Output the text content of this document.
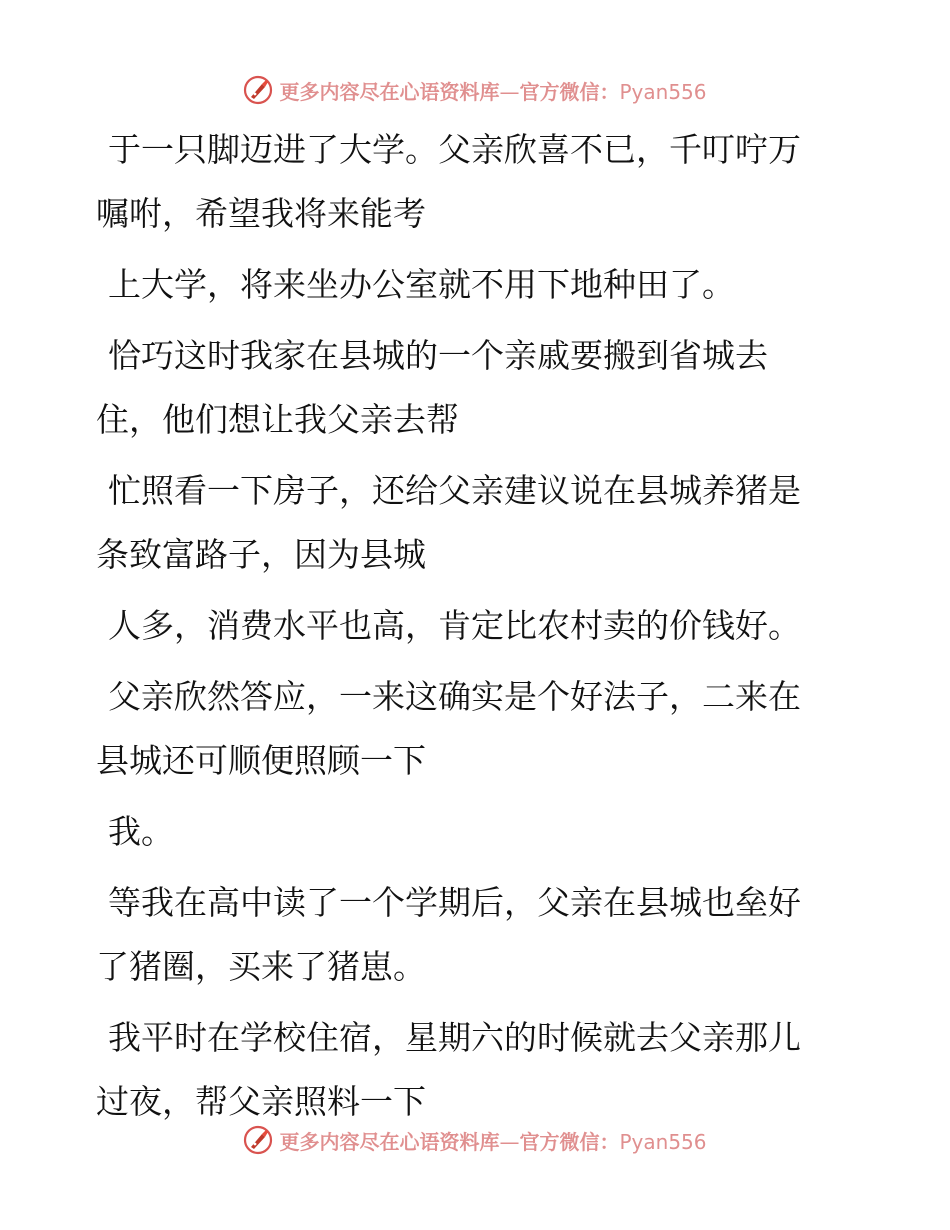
更多内容尽在心语资料库—官方微信：Pyan556

于一只脚迈进了大学。父亲欣喜不已，千叮咛万
嘱咐，希望我将来能考

上大学，将来坐办公室就不用下地种田了。

恰巧这时我家在县城的一个亲戚要搬到省城去
住，他们想让我父亲去帮

忙照看一下房子，还给父亲建议说在县城养猪是
条致富路子，因为县城

人多，消费水平也高，肯定比农村卖的价钱好。

父亲欣然答应，一来这确实是个好法子，二来在
县城还可顺便照顾一下

我。

等我在高中读了一个学期后，父亲在县城也垒好
了猪圈，买来了猪崽。

我平时在学校住宿，星期六的时候就去父亲那儿
过夜，帮父亲照料一下

更多内容尽在心语资料库—官方微信：Pyan556
